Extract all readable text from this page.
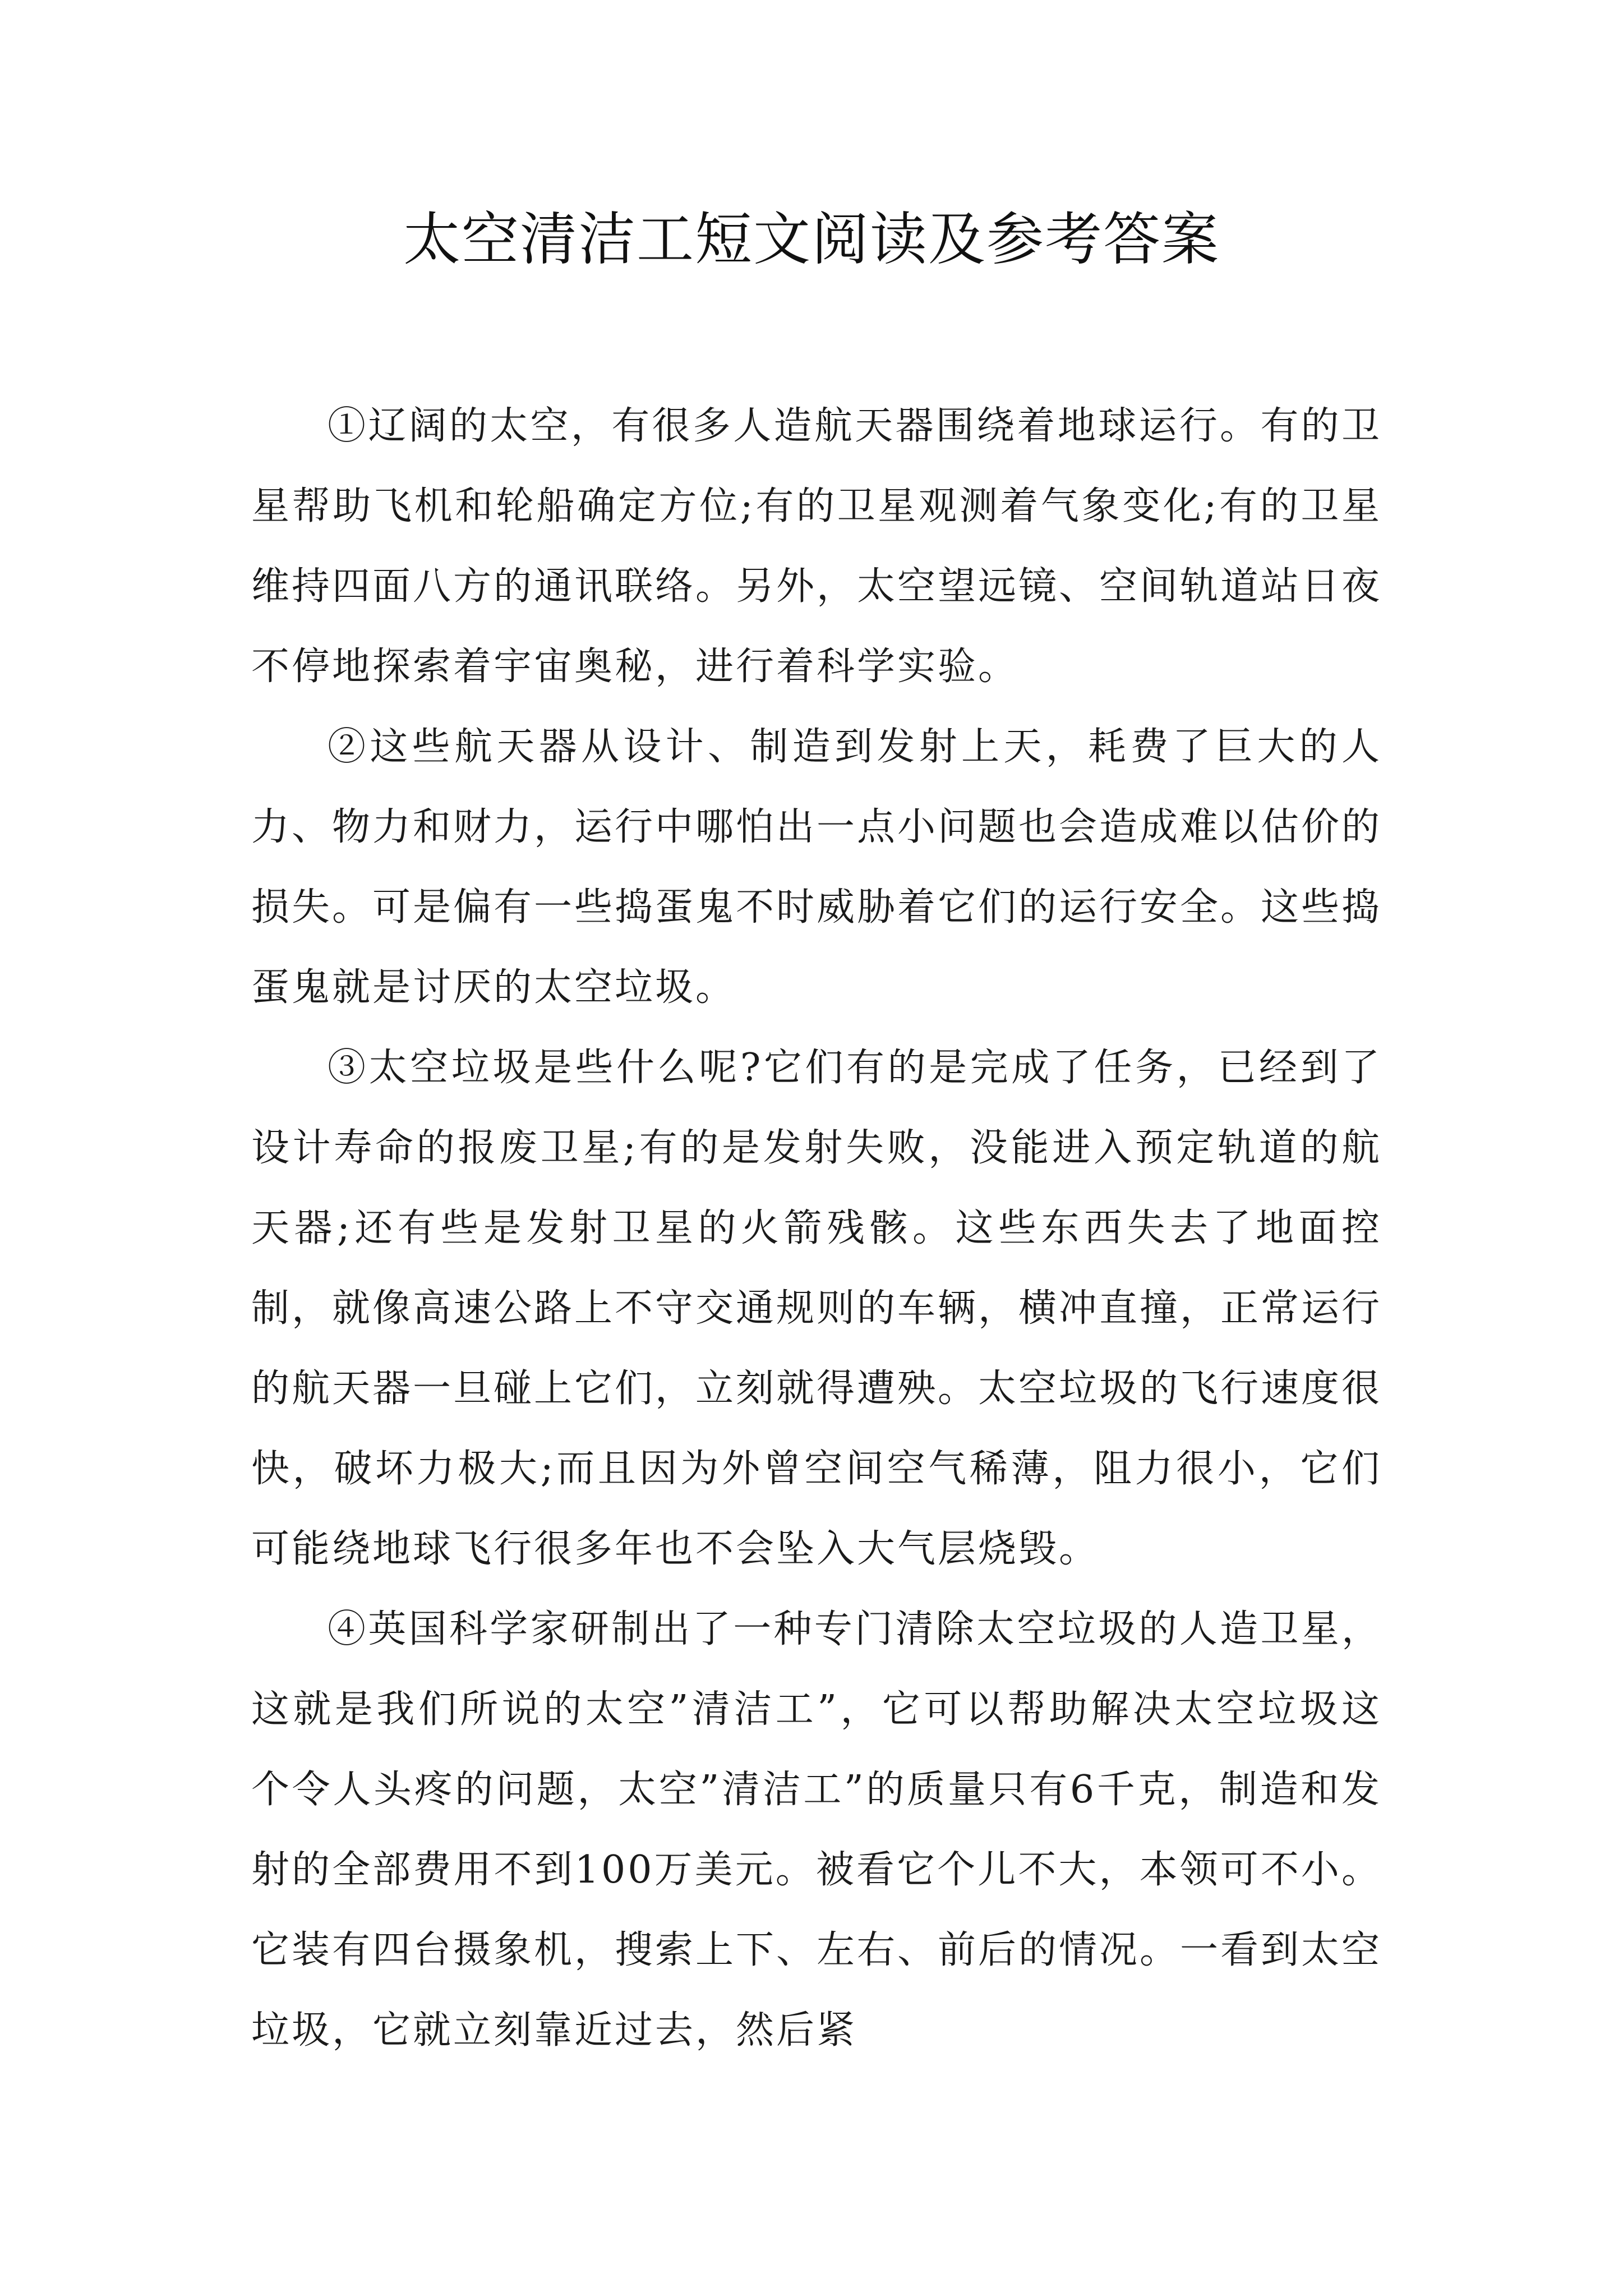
太空清洁工短文阅读及参考答案

①辽阔的太空，有很多人造航天器围绕着地球运行。有的卫星帮助飞机和轮船确定方位;有的卫星观测着气象变化;有的卫星维持四面八方的通讯联络。另外，太空望远镜、空间轨道站日夜不停地探索着宇宙奥秘，进行着科学实验。

②这些航天器从设计、制造到发射上天，耗费了巨大的人力、物力和财力，运行中哪怕出一点小问题也会造成难以估价的损失。可是偏有一些捣蛋鬼不时威胁着它们的运行安全。这些捣蛋鬼就是讨厌的太空垃圾。

③太空垃圾是些什么呢?它们有的是完成了任务，已经到了设计寿命的报废卫星;有的是发射失败，没能进入预定轨道的航天器;还有些是发射卫星的火箭残骸。这些东西失去了地面控制，就像高速公路上不守交通规则的车辆，横冲直撞，正常运行的航天器一旦碰上它们，立刻就得遭殃。太空垃圾的飞行速度很快，破坏力极大;而且因为外曾空间空气稀薄，阻力很小，它们可能绕地球飞行很多年也不会坠入大气层烧毁。

④英国科学家研制出了一种专门清除太空垃圾的人造卫星，这就是我们所说的太空”清洁工”，它可以帮助解决太空垃圾这个令人头疼的问题，太空”清洁工”的质量只有6千克，制造和发射的全部费用不到100万美元。被看它个儿不大，本领可不小。它装有四台摄象机，搜索上下、左右、前后的情况。一看到太空垃圾，它就立刻靠近过去，然后紧
